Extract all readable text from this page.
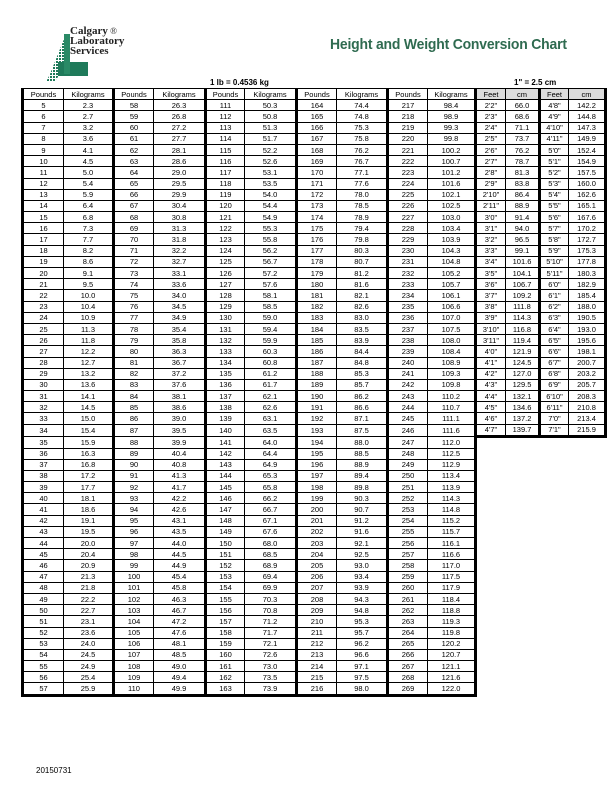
Calgary ®
Laboratory
Services	Height and Weight Conversion Chart
1 lb = 0.4536 kg	1" = 2.5 cm
Pounds	Kilograms	Pounds	Kilograms	Pounds	Kilograms	Pounds	Kilograms	Pounds	Kilograms	Feet	cm	Feet	cm
5	2.3	58	26.3	111	50.3	164	74.4	217	98.4	2'2"	66.0	4'8"	142.2
6	2.7	59	26.8	112	50.8	165	74.8	218	98.9	2'3"	68.6	4'9"	144.8
7	3.2	60	27.2	113	51.3	166	75.3	219	99.3	2'4"	71.1	4'10"	147.3
8	3.6	61	27.7	114	51.7	167	75.8	220	99.8	2'5"	73.7	4'11"	149.9
9	4.1	62	28.1	115	52.2	168	76.2	221	100.2	2'6"	76.2	5'0"	152.4
10	4.5	63	28.6	116	52.6	169	76.7	222	100.7	2'7"	78.7	5'1"	154.9
11	5.0	64	29.0	117	53.1	170	77.1	223	101.2	2'8"	81.3	5'2"	157.5
12	5.4	65	29.5	118	53.5	171	77.6	224	101.6	2'9"	83.8	5'3"	160.0
13	5.9	66	29.9	119	54.0	172	78.0	225	102.1	2'10"	86.4	5'4"	162.6
14	6.4	67	30.4	120	54.4	173	78.5	226	102.5	2'11"	88.9	5'5"	165.1
15	6.8	68	30.8	121	54.9	174	78.9	227	103.0	3'0"	91.4	5'6"	167.6
16	7.3	69	31.3	122	55.3	175	79.4	228	103.4	3'1"	94.0	5'7"	170.2
17	7.7	70	31.8	123	55.8	176	79.8	229	103.9	3'2"	96.5	5'8"	172.7
18	8.2	71	32.2	124	56.2	177	80.3	230	104.3	3'3"	99.1	5'9"	175.3
19	8.6	72	32.7	125	56.7	178	80.7	231	104.8	3'4"	101.6	5'10"	177.8
20	9.1	73	33.1	126	57.2	179	81.2	232	105.2	3'5"	104.1	5'11"	180.3
21	9.5	74	33.6	127	57.6	180	81.6	233	105.7	3'6"	106.7	6'0"	182.9
22	10.0	75	34.0	128	58.1	181	82.1	234	106.1	3'7"	109.2	6'1"	185.4
23	10.4	76	34.5	129	58.5	182	82.6	235	106.6	3'8"	111.8	6'2"	188.0
24	10.9	77	34.9	130	59.0	183	83.0	236	107.0	3'9"	114.3	6'3"	190.5
25	11.3	78	35.4	131	59.4	184	83.5	237	107.5	3'10"	116.8	6'4"	193.0
26	11.8	79	35.8	132	59.9	185	83.9	238	108.0	3'11"	119.4	6'5"	195.6
27	12.2	80	36.3	133	60.3	186	84.4	239	108.4	4'0"	121.9	6'6"	198.1
28	12.7	81	36.7	134	60.8	187	84.8	240	108.9	4'1"	124.5	6'7"	200.7
29	13.2	82	37.2	135	61.2	188	85.3	241	109.3	4'2"	127.0	6'8"	203.2
30	13.6	83	37.6	136	61.7	189	85.7	242	109.8	4'3"	129.5	6'9"	205.7
31	14.1	84	38.1	137	62.1	190	86.2	243	110.2	4'4"	132.1	6'10"	208.3
32	14.5	85	38.6	138	62.6	191	86.6	244	110.7	4'5"	134.6	6'11"	210.8
33	15.0	86	39.0	139	63.1	192	87.1	245	111.1	4'6"	137.2	7'0"	213.4
34	15.4	87	39.5	140	63.5	193	87.5	246	111.6	4'7"	139.7	7'1"	215.9
35	15.9	88	39.9	141	64.0	194	88.0	247	112.0				
36	16.3	89	40.4	142	64.4	195	88.5	248	112.5				
37	16.8	90	40.8	143	64.9	196	88.9	249	112.9				
38	17.2	91	41.3	144	65.3	197	89.4	250	113.4				
39	17.7	92	41.7	145	65.8	198	89.8	251	113.9				
40	18.1	93	42.2	146	66.2	199	90.3	252	114.3				
41	18.6	94	42.6	147	66.7	200	90.7	253	114.8				
42	19.1	95	43.1	148	67.1	201	91.2	254	115.2				
43	19.5	96	43.5	149	67.6	202	91.6	255	115.7				
44	20.0	97	44.0	150	68.0	203	92.1	256	116.1				
45	20.4	98	44.5	151	68.5	204	92.5	257	116.6				
46	20.9	99	44.9	152	68.9	205	93.0	258	117.0				
47	21.3	100	45.4	153	69.4	206	93.4	259	117.5				
48	21.8	101	45.8	154	69.9	207	93.9	260	117.9				
49	22.2	102	46.3	155	70.3	208	94.3	261	118.4				
50	22.7	103	46.7	156	70.8	209	94.8	262	118.8				
51	23.1	104	47.2	157	71.2	210	95.3	263	119.3				
52	23.6	105	47.6	158	71.7	211	95.7	264	119.8				
53	24.0	106	48.1	159	72.1	212	96.2	265	120.2				
54	24.5	107	48.5	160	72.6	213	96.6	266	120.7				
55	24.9	108	49.0	161	73.0	214	97.1	267	121.1				
56	25.4	109	49.4	162	73.5	215	97.5	268	121.6				
57	25.9	110	49.9	163	73.9	216	98.0	269	122.0				
20150731
